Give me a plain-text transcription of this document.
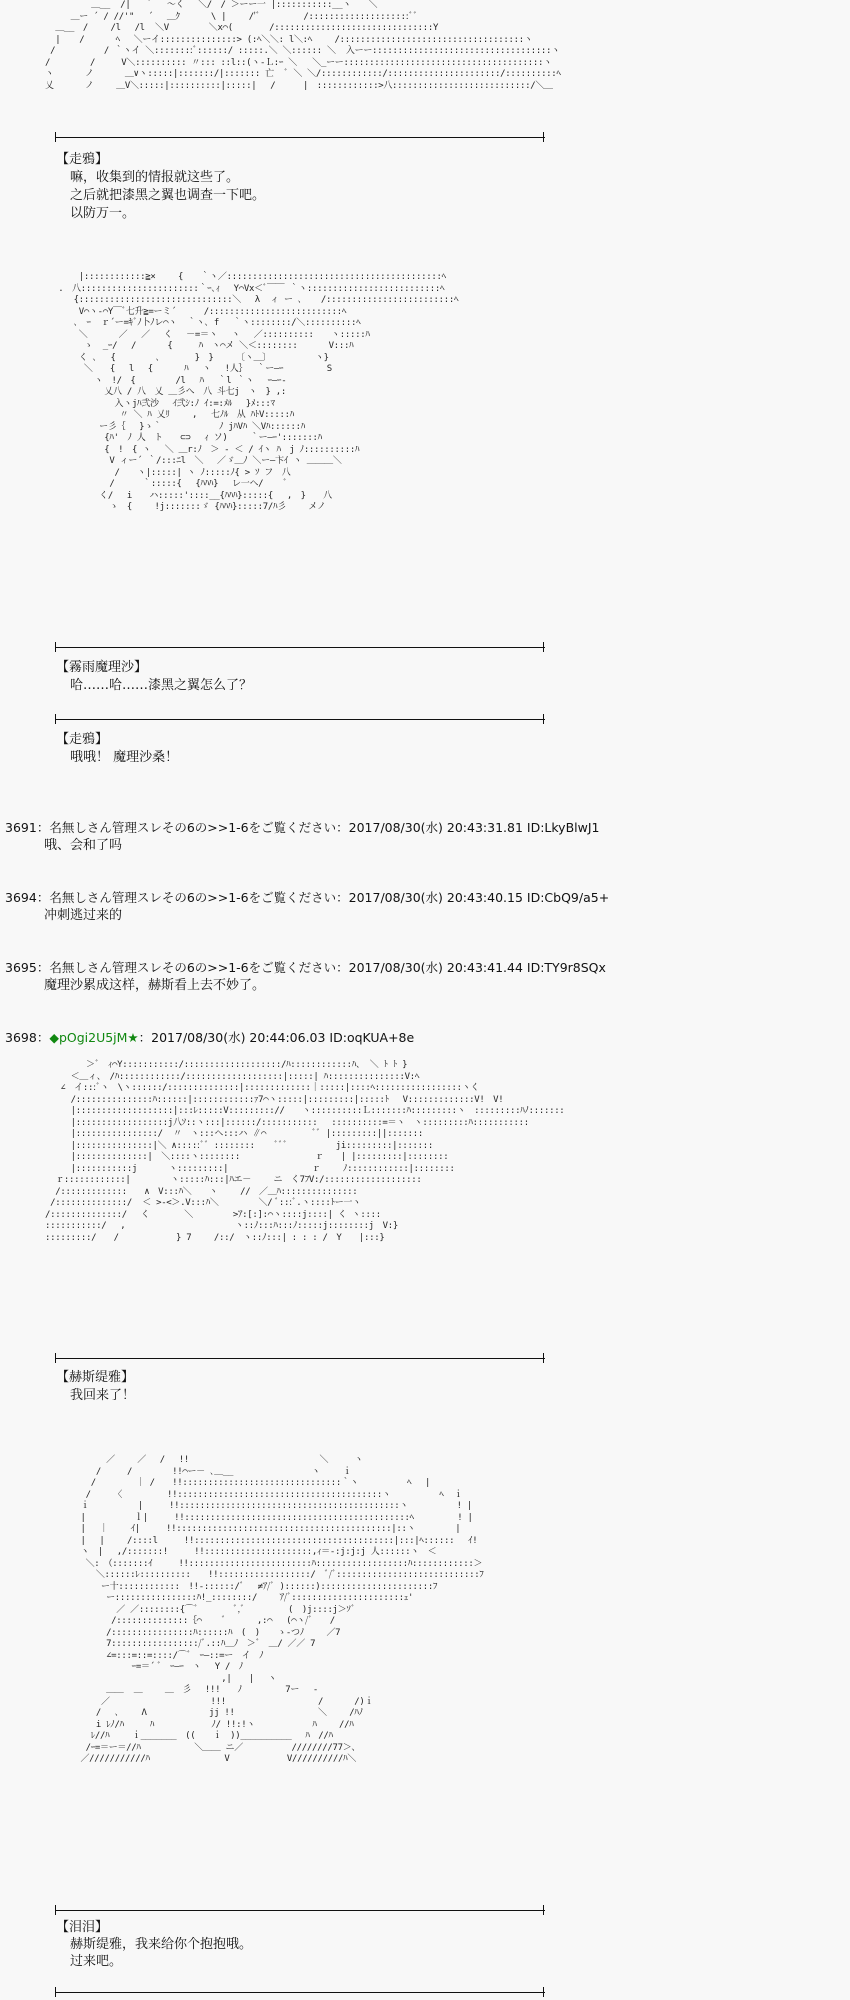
＿__  /|　 ｀　 ～く　 ＼/　/ ＞ーー一 |:::::::::::__ヽ　　＼
＿ー ´ / //'"　 ´　 ＿ｸ　　　 \ |　　 /'ﾞ　　　　　/::::::::::::::::::::ﾞﾞ
＿__　/　　 /l　 /l  ＼V　　　　 ＼x⌒(　　 　 /:::::::::::::::::::::::::::::::Y
|　  /　　　 ﾍ　 ＼ーイ:::::::::::::::> (:ﾍ＼＼: l＼:ﾍ　　 /::::::::::::::::::::::::::::::::::::ヽ
/　　　　　 / ｀ヽイ ＼::::::::ﾞ::::::/ :::::.＼ ＼:::::: ＼  入ーー:::::::::::::::::::::::::::::::::::ヽ
/　　　　 /　　　V＼:::::::::: 〃::: ::l::(ヽ-Ｌ:ｰ ＼   ＼_ーー:::::::::::::::::::::::::::::::::::::::ヽ
ヽ　　　 ノ　　　 ＿∨ヽ:::::|:::::::/|::::::: 亡  ﾞ ＼ ＼/::::::::::::/::::::::::::::::::::::/::::::::::ﾍ
乂　　　 ノ　　 ＿V＼:::::|::::::::::|:::::| 　/　 　 |　::::::::::::>八:::::::::::::::::::::::::::/＼＿
【走鴉】
嘛，收集到的情报就这些了。
之后就把漆黑之翼也调查一下吧。
以防万一。
|::::::::::::≧×　　 {　　｀ヽ／::::::::::::::::::::::::::::::::::::::::::ﾍ
.　八:::::::::::::::::::::::｀ｰ､ｨ　 Y⌒Vx＜ﾞ￣￣ ｀ヽ::::::::::::::::::::::::::ﾍ
{::::::::::::::::::::::::::::::＼　 λ  ィ ー ､　  /:::::::::::::::::::::::::ﾍ
V⌒ヽ-⌒Y￣ﾞ七升≧=ーミ´ 　　 /::::::::::::::::::::::::::ﾍ
､　ｰ  ｒ´ー=ｷﾞﾉ卜ﾉレ⌒ヽ  ｀ヽ､ f　 ｀ヽ::::::::/＼::::::::::ﾍ
＼　　　 ／　 ／　 く 　－=＝ヽ 　ヽ　 ／::::::::::　　ヽ:::::ﾊ
ゝ  _ｰ/　 /　　　 {　　　ﾊ　ヽ⌒メ ＼＜::::::::　　　 V:::ﾊ
く ､　 {　　　　 ､　　　　}　}　　 〔ヽ＿〕　　　　　 ヽ}
＼　　{　 l　 {　　　 ﾊ　 ヽ　 !人｝　 ｀ー―ｰ　　　　　S
ヽ　!/　{　　　　 /l　 ﾊ　 ｀l ｀ヽ　 ｰ―ｰ-
乂八 / 八　乂 ＿彡へ　八 斗七j　ヽ　} ,:
入ヽjﾊ弐沙　 ｲ弐ｼ:ﾉ ｲ:=:ﾒﾙ　 }ﾒ:::ﾏ
〃 ＼ ﾊ 乂ﾘ　　 ,　 七ﾉﾙ　从 ﾊﾄV:::::ﾊ
ー彡｛　 }ゝ｀　　　　　　 ﾉ jﾊVﾊ ＼Vﾊ::::::ﾊ
{ﾊ'　ﾉ 人　ト　　⊂⊃　 ｨ ソ)　　 ｀ー―ｰ':::::::ﾊ
{　!　{ ヽ　 ＼ ＿r:ﾉ　＞ - ＜ / ｲヽ ﾊ　j ﾉ::::::::::ﾊ
V ィー´ ｀/:::ﾆl　＼　 ／ゞ＿ﾉ ＼ー―卞ｲ ヽ ＿＿＿＼
/　　ヽ|:::::| ヽ ﾉ:::::ﾉ{ > ｿ フ　八
/　 　 ｀:::::{　 {ﾊﾊﾊ}　 レ一ヘ/　　 ﾞ
く/　 i　　ハ:::::'::::__{ﾊﾊﾊ}:::::{　 ,　}　　八
ゝ　{　　 !j:::::::ゞ {ﾊﾊﾊ}:::::7/ﾊ彡　　 メノ
【霧雨魔理沙】
哈……哈……漆黑之翼怎么了？
【走鴉】
哦哦！ 魔理沙桑！
3691：名無しさん管理スレその6の>>1-6をご覧ください：2017/08/30(水) 20:43:31.81 ID:LkyBlwJ1
哦、会和了吗
3694：名無しさん管理スレその6の>>1-6をご覧ください：2017/08/30(水) 20:43:40.15 ID:CbQ9/a5+
冲刺逃过来的
3695：名無しさん管理スレその6の>>1-6をご覧ください：2017/08/30(水) 20:43:41.44 ID:TY9r8SQx
魔理沙累成这样，赫斯看上去不妙了。
3698：◆pOgi2U5jM★：2017/08/30(水) 20:44:06.03 ID:oqKUA+8e
＞ﾞ　ｨ⌒Y:::::::::::/:::::::::::::::::::/ﾊ::::::::::::ﾊ、 ＼ ﾄ ﾄ }
＜＿ィ、　/ﾊ::::::::::::/:::::::::::::::::::|:::::| ﾊ:::::::::::::::V:ﾍ
∠　イ:::ﾞヽ　\ヽ::::::/::::::::::::::|:::::::::::::｜:::::|::::ﾍ:::::::::::::::::ヽく
/:::::::::::::::ﾊ::::::|::::::::::::ｧ7⌒ヽ:::::|:::::::::|:::::ﾄ　 V:::::::::::::V!　V!
|:::::::::::::::::::|:::ﾚ:::::V::::::::://　　ヽ::::::::::Ｌ:::::::ﾊ:::::::::ヽ　:::::::::ﾊﾉ:::::::
|::::::::::::::::::j八ｿ::ヽ:::|::::::/:::::::::::　 ::::::::::=＝ヽ　ヽ:::::::::ﾊ:::::::::::
|::::::::::::::::/  〃　ヽ:::ヘ:::ハ ∥⌒　　　　　 ﾞﾞ |:::::::::||:::::::
|:::::::::::::::|＼ ∧:::::ﾞﾞ ::::::::  　ﾞﾞﾞ　　　　　 ji:::::::::|:::::::
|::::::::::::::|　＼::::ヽ::::::::　　　　　　　　 ｒ　　| |:::::::::|::::::::
|:::::::::::j　　　 ヽ:::::::::|　　　　　　　　　 ｒ　　 ﾉ::::::::::::|::::::::
ｒ::::::::::::|　　　　 ヽ:::::ﾊ:::|ﾊエ－　　 ニ　く7ﾌV:/:::::::::::::::::::
/:::::::::::::　　∧　V:::ﾊ＼　　ヽ　　 //　／＿ﾊ:::::::::::::::
/::::::::::::::/  ＜ >-<＞.V:::ﾊ＼　　　　 ＼/ ﾞ:::ﾞ.ヽ::::ﾄー一ヽ
/::::::::::::::/　 く　　　　＼　　　　 >ｱ:[:]:⌒ヽ::::j::::| く ヽ::::
:::::::::::/　 ,　　　　　　　　　　　　 ヽ::ﾉ:::ﾊ:::ﾉ:::::j::::::::j　V:}
:::::::::/　　/　　　　　　 } 7　　 /::/　ヽ::ﾉ:::| : : : /　Y　　|:::}
【赫斯缇雅】
我回来了！
／　　 ／　 /　 !!　　　　　　　　　　　　　　　＼　　　ヽ
/　　　/　　　　 !!⌒ー－ ､＿__　　　　　　　　　ヽ　　 ｉ
/　　　　 ｜ /　　!!:::::::::::::::::::::::::::::::｀ヽ　　　　　 ﾍ　 |
/　　 〈　　 　　 !!::::::::::::::::::::::::::::::::::::::::ヽ　　　　　 ﾍ  ｉ
ｉ　　　　　 |　　　!!:::::::::::::::::::::::::::::::::::::::::::ヽ　　　　　 ! |
|　　　　　 ｌ|　　　!!::::::::::::::::::::::::::::::::::::::::::::ﾍ　　　　　! |
|　 ｜　　 ｲ|　　　!!::::::::::::::::::::::::::::::::::::::::::|::ヽ　　　　 |
|　 |　　 /::::l　　　!!:::::::::::::::::::::::::::::::::::::::|:::|ﾍ::::::　 ｲ!
ヽ　|　 ,/:::::::!　　　!!:::::::::::::::::::::,ｨ＝-:j:j:j 人::::::ヽ　＜
＼:　（:::::::ｲ　　　!!::::::::::::::::::::::::ﾊ::::::::::::::::::ﾊ::::::::::::＞
＼::::::ﾚ::::::::::　　!!::::::::::::::::::/　ﾞ/ﾞ::::::::::::::::::::::::::::ﾌ
ー十::::::::::::　!!‐::::::/ﾞ　 ≠ｱ/ﾞ )::::::)::::::::::::::::::::::ﾌ
ー::::::::::::::::ﾊ!_::::::::/　　 ｱ/ﾞ::::::::::::::::::::::ｪ'
／ ／::::::::{⌒ﾞ　　　　ﾞ,ﾞ　　　　　(　)j::::j＞ｿﾞ
/::::::::::::::｛⌒　　 ﾞ　　　 ,:⌒　 (⌒ヽ/ﾞ　　/
/::::::::::::::::ﾊ::::::ﾊ　(　)　　ゝ‐つﾉ　　 ／7
7:::::::::::::::::/ﾞ.::ﾊ＿ﾉ　＞ﾞ　＿/ ／／ 7
∠=:::=::=::::/⌒ﾞ　ｰ―::=ー　イ　ﾉ
ｰ=＝´ ﾞ　ｰ―ｰ　ヽ　 Y /　ﾉ
　　　 　　  ,|　　|　 ヽ
＿＿  ＿　　 ＿　彡　 !!!　　ﾉ　　　　　7ー　 -
／　　　　　　　　　　　 !!!　　　　　　　　　　 /　　　 /)ｉ
/　 ､　　 Λ　　　　　　  jj !!　　　　　　　　　 ＼　　 /ﾊﾉ
i ﾚﾉ/ﾊ　　　ﾊ　　　　　　 ﾉ/ !!:!ヽ　　　　　　 ﾊ　　 //ﾊ
ﾚ//ﾊ　　 ｉ_______　((　　ｉ　))__________　 ﾊ　//ﾊ
/ｰ=＝ー＝//ﾊ　 　　　　 ＼＿＿ ニ／　　　　　 ////////77＞、
／///////////ﾊ　　　　　　　　 V　　　　　　 V//////////ﾊ＼
【泪泪】
赫斯缇雅，我来给你个抱抱哦。
过来吧。
